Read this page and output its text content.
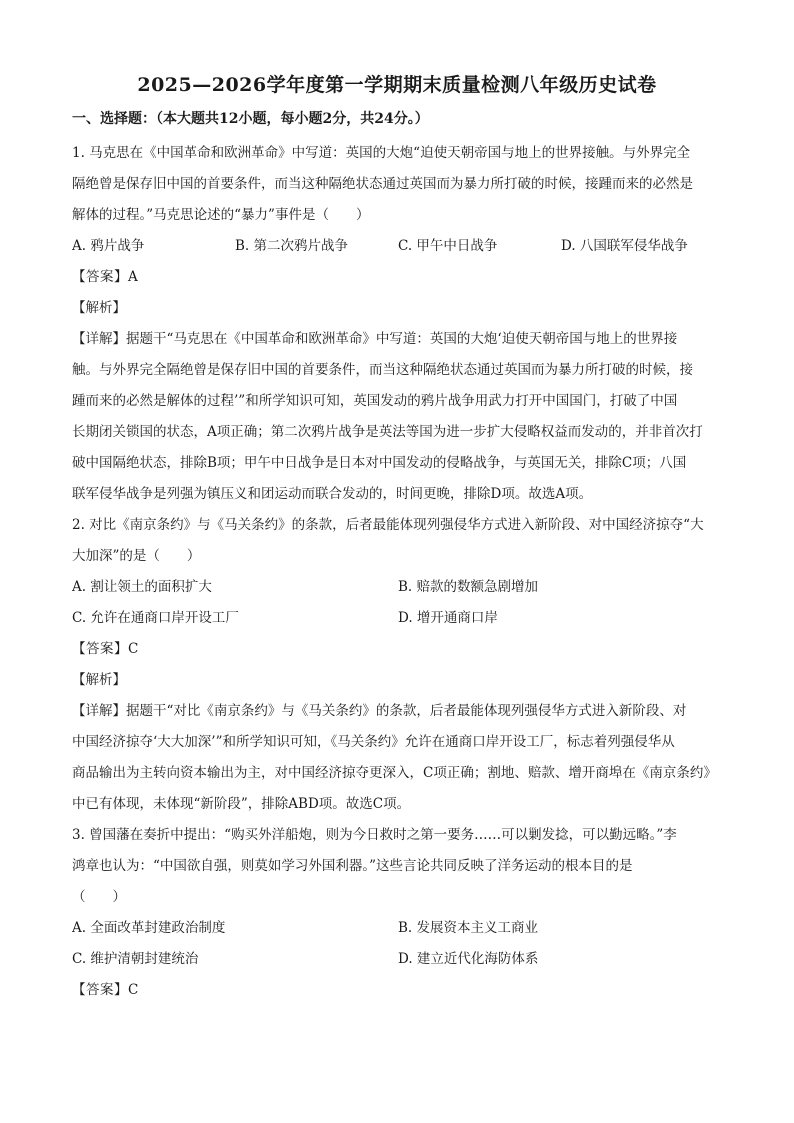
2025—2026学年度第一学期期末质量检测八年级历史试卷
一、选择题：（本大题共12小题，每小题2分，共24分。）
1. 马克思在《中国革命和欧洲革命》中写道：英国的大炮“迫使天朝帝国与地上的世界接触。与外界完全
隔绝曾是保存旧中国的首要条件，而当这种隔绝状态通过英国而为暴力所打破的时候，接踵而来的必然是
解体的过程。”马克思论述的“暴力”事件是（　　）
A. 鸦片战争	B. 第二次鸦片战争	C. 甲午中日战争	D. 八国联军侵华战争
【答案】A
【解析】
【详解】据题干“马克思在《中国革命和欧洲革命》中写道：英国的大炮‘迫使天朝帝国与地上的世界接
触。与外界完全隔绝曾是保存旧中国的首要条件，而当这种隔绝状态通过英国而为暴力所打破的时候，接
踵而来的必然是解体的过程’”和所学知识可知，英国发动的鸦片战争用武力打开中国国门，打破了中国
长期闭关锁国的状态，A项正确；第二次鸦片战争是英法等国为进一步扩大侵略权益而发动的，并非首次打
破中国隔绝状态，排除B项；甲午中日战争是日本对中国发动的侵略战争，与英国无关，排除C项；八国
联军侵华战争是列强为镇压义和团运动而联合发动的，时间更晚，排除D项。故选A项。
2. 对比《南京条约》与《马关条约》的条款，后者最能体现列强侵华方式进入新阶段、对中国经济掠夺“大
大加深”的是（　　）
A. 割让领土的面积扩大	B. 赔款的数额急剧增加
C. 允许在通商口岸开设工厂	D. 增开通商口岸
【答案】C
【解析】
【详解】据题干“对比《南京条约》与《马关条约》的条款，后者最能体现列强侵华方式进入新阶段、对
中国经济掠夺‘大大加深’”和所学知识可知，《马关条约》允许在通商口岸开设工厂，标志着列强侵华从
商品输出为主转向资本输出为主，对中国经济掠夺更深入，C项正确；割地、赔款、增开商埠在《南京条约》
中已有体现，未体现“新阶段”，排除ABD项。故选C项。
3. 曾国藩在奏折中提出：“购买外洋船炮，则为今日救时之第一要务……可以剿发捻，可以勤远略。”李
鸿章也认为：“中国欲自强，则莫如学习外国利器。”这些言论共同反映了洋务运动的根本目的是
（　　）
A. 全面改革封建政治制度	B. 发展资本主义工商业
C. 维护清朝封建统治	D. 建立近代化海防体系
【答案】C
